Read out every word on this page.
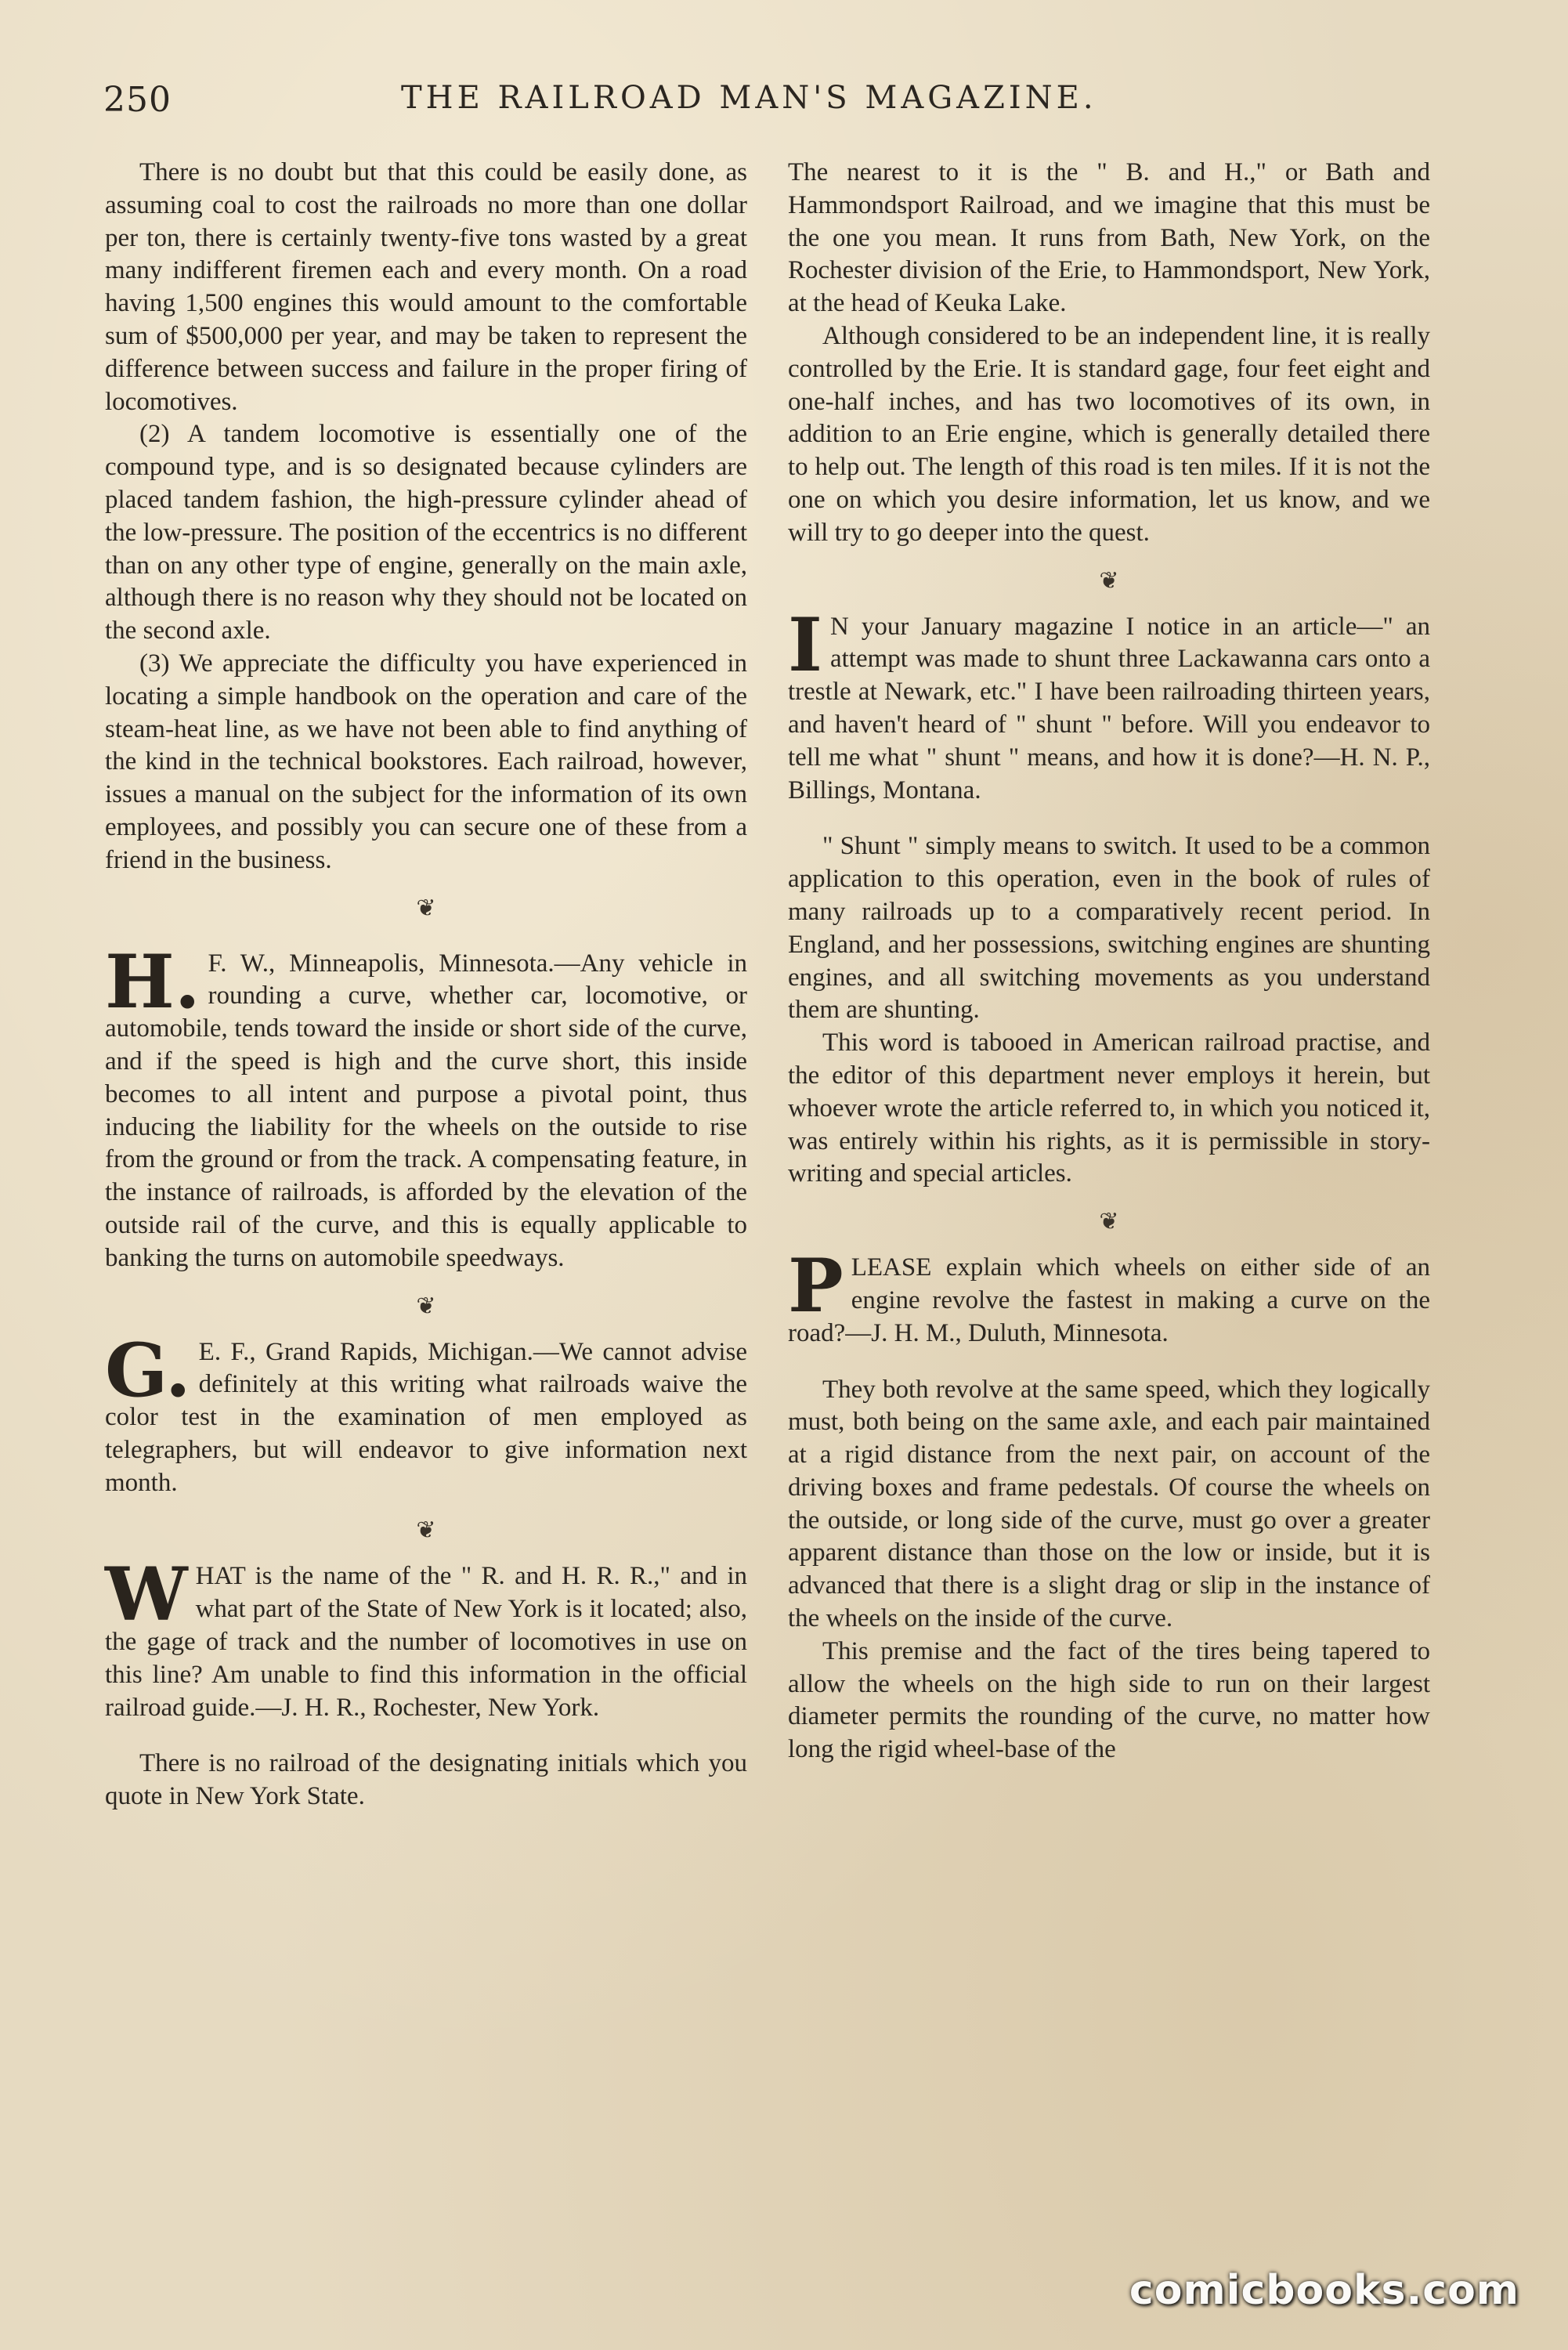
250	THE RAILROAD MAN'S MAGAZINE.

There is no doubt but that this could be easily done, as assuming coal to cost the railroads no more than one dollar per ton, there is certainly twenty-five tons wasted by a great many indifferent firemen each and every month. On a road having 1,500 engines this would amount to the comfortable sum of $500,000 per year, and may be taken to represent the difference between success and failure in the proper firing of locomotives.

(2) A tandem locomotive is essentially one of the compound type, and is so designated because cylinders are placed tandem fashion, the high-pressure cylinder ahead of the low-pressure. The position of the eccentrics is no different than on any other type of engine, generally on the main axle, although there is no reason why they should not be located on the second axle.

(3) We appreciate the difficulty you have experienced in locating a simple handbook on the operation and care of the steam-heat line, as we have not been able to find anything of the kind in the technical bookstores. Each railroad, however, issues a manual on the subject for the information of its own employees, and possibly you can secure one of these from a friend in the business.

❦

H. F. W., Minneapolis, Minnesota.—Any vehicle in rounding a curve, whether car, locomotive, or automobile, tends toward the inside or short side of the curve, and if the speed is high and the curve short, this inside becomes to all intent and purpose a pivotal point, thus inducing the liability for the wheels on the outside to rise from the ground or from the track. A compensating feature, in the instance of railroads, is afforded by the elevation of the outside rail of the curve, and this is equally applicable to banking the turns on automobile speedways.

❦

G. E. F., Grand Rapids, Michigan.—We cannot advise definitely at this writing what railroads waive the color test in the examination of men employed as telegraphers, but will endeavor to give information next month.

❦

W HAT is the name of the " R. and H. R. R.," and in what part of the State of New York is it located; also, the gage of track and the number of locomotives in use on this line? Am unable to find this information in the official railroad guide.—J. H. R., Rochester, New York.

There is no railroad of the designating initials which you quote in New York State.

The nearest to it is the " B. and H.," or Bath and Hammondsport Railroad, and we imagine that this must be the one you mean. It runs from Bath, New York, on the Rochester division of the Erie, to Hammondsport, New York, at the head of Keuka Lake.

Although considered to be an independent line, it is really controlled by the Erie. It is standard gage, four feet eight and one-half inches, and has two locomotives of its own, in addition to an Erie engine, which is generally detailed there to help out. The length of this road is ten miles. If it is not the one on which you desire information, let us know, and we will try to go deeper into the quest.

❦

I N your January magazine I notice in an article—" an attempt was made to shunt three Lackawanna cars onto a trestle at Newark, etc." I have been railroading thirteen years, and haven't heard of " shunt " before. Will you endeavor to tell me what " shunt " means, and how it is done?—H. N. P., Billings, Montana.

" Shunt " simply means to switch. It used to be a common application to this operation, even in the book of rules of many railroads up to a comparatively recent period. In England, and her possessions, switching engines are shunting engines, and all switching movements as you understand them are shunting.

This word is tabooed in American railroad practise, and the editor of this department never employs it herein, but whoever wrote the article referred to, in which you noticed it, was entirely within his rights, as it is permissible in story-writing and special articles.

❦

P LEASE explain which wheels on either side of an engine revolve the fastest in making a curve on the road?—J. H. M., Duluth, Minnesota.

They both revolve at the same speed, which they logically must, both being on the same axle, and each pair maintained at a rigid distance from the next pair, on account of the driving boxes and frame pedestals. Of course the wheels on the outside, or long side of the curve, must go over a greater apparent distance than those on the low or inside, but it is advanced that there is a slight drag or slip in the instance of the wheels on the inside of the curve.

This premise and the fact of the tires being tapered to allow the wheels on the high side to run on their largest diameter permits the rounding of the curve, no matter how long the rigid wheel-base of the

comicbooks.com
